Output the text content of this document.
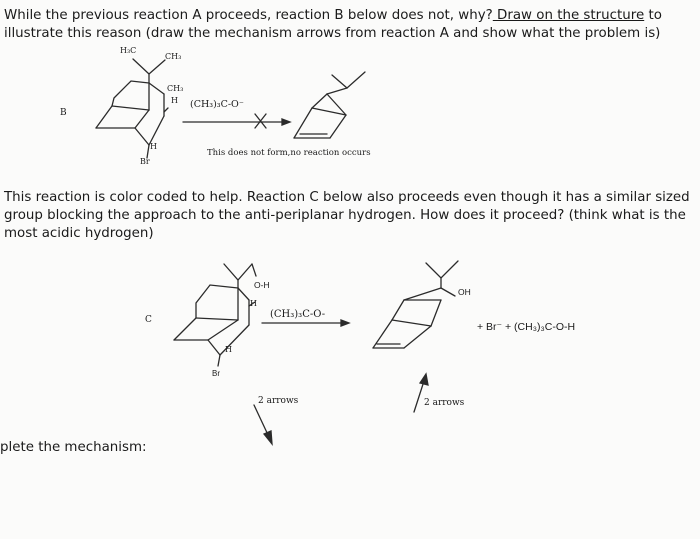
While the previous reaction A proceeds, reaction B below does not, why? Draw on the structure to
illustrate this reason (draw the mechanism arrows from reaction A and show what the problem is)
B
H₃C
CH₃
CH₃
H
H
Br
(CH₃)₃C-O⁻
This does not form,no reaction occurs
This reaction is color coded to help. Reaction C below also proceeds even though it has a similar sized
group blocking the approach to the anti-periplanar hydrogen. How does it proceed? (think what is the
most acidic hydrogen)
C
O-H
H
H
Br
(CH₃)₃C-O-
OH
+ Br⁻ + (CH₃)₃C-O-H
2 arrows	2 arrows
plete the mechanism:
